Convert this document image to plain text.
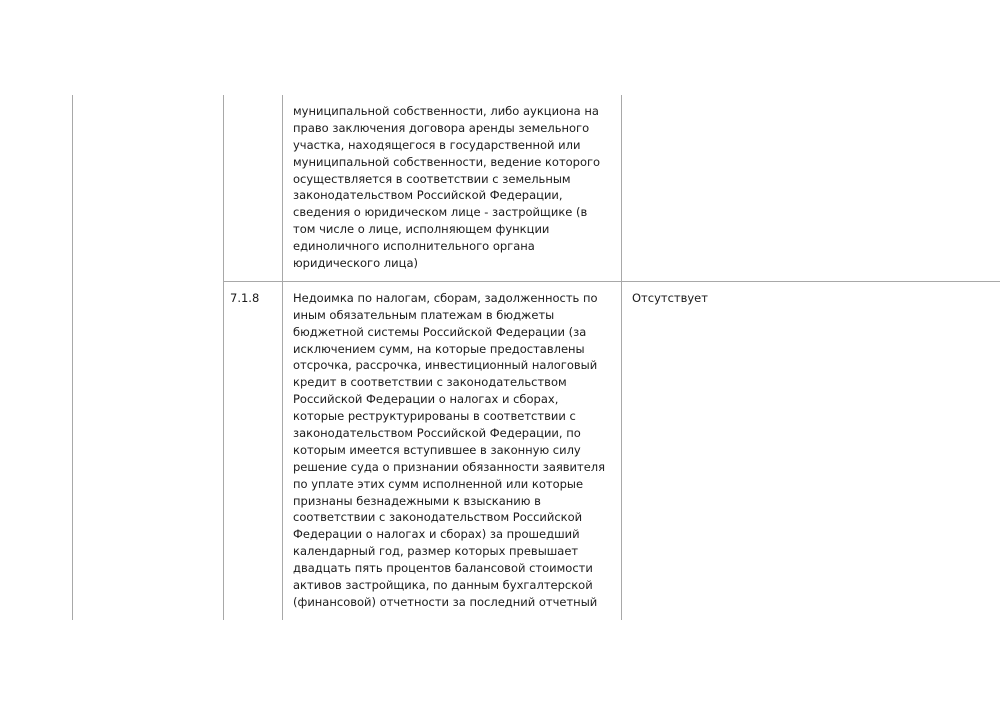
		муниципальной собственности, либо аукциона на право заключения договора аренды земельного участка, находящегося в государственной или муниципальной собственности, ведение которого осуществляется в соответствии с земельным законодательством Российской Федерации, сведения о юридическом лице - застройщике (в том числе о лице, исполняющем функции единоличного исполнительного органа юридического лица)	

	7.1.8	Недоимка по налогам, сборам, задолженность по иным обязательным платежам в бюджеты бюджетной системы Российской Федерации (за исключением сумм, на которые предоставлены отсрочка, рассрочка, инвестиционный налоговый кредит в соответствии с законодательством Российской Федерации о налогах и сборах, которые реструктурированы в соответствии с законодательством Российской Федерации, по которым имеется вступившее в законную силу решение суда о признании обязанности заявителя по уплате этих сумм исполненной или которые признаны безнадежными к взысканию в соответствии с законодательством Российской Федерации о налогах и сборах) за прошедший календарный год, размер которых превышает двадцать пять процентов балансовой стоимости активов застройщика, по данным бухгалтерской (финансовой) отчетности за последний отчетный	Отсутствует
